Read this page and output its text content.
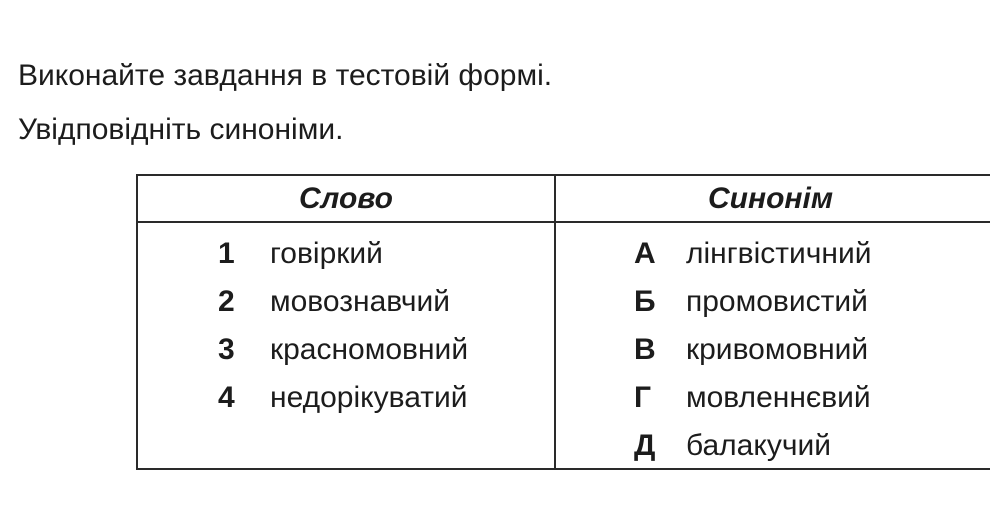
Виконайте завдання в тестовій формі.
Увідповідніть синоніми.
Слово	Синонім
1 говіркий
2 мовознавчий
3 красномовний
4 недорікуватий
А лінгвістичний
Б промовистий
В кривомовний
Г мовленнєвий
Д балакучий
